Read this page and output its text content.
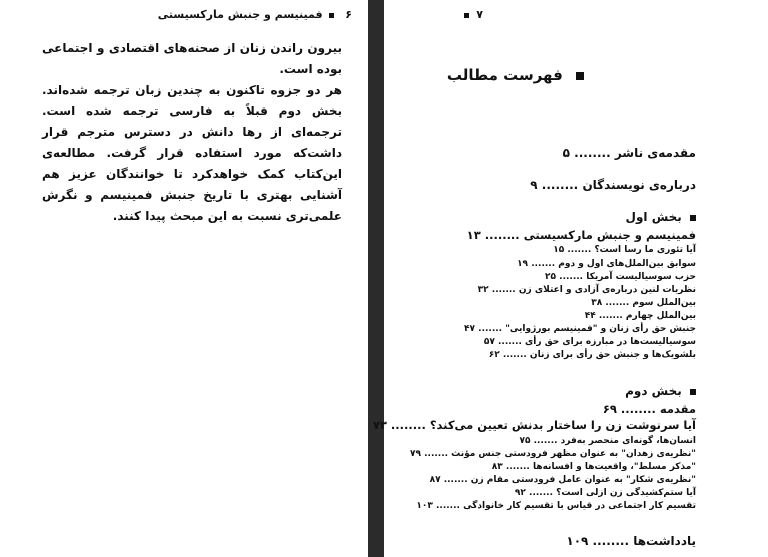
۶  فمینیسم و جنبش مارکسیستی

بیرون راندن زنان از صحنه‌های اقتصادی و اجتماعی بوده است.

هر دو جزوه تاکنون به چندین زبان ترجمه شده‌اند. بخش دوم قبلاً به فارسی ترجمه شده است. ترجمه‌ای از رها دانش در دسترس مترجم قرار داشت‌که مورد استفاده قرار گرفت. مطالعه‌ی این‌کتاب کمک خواهدکرد تا خوانندگان عزیز هم آشنایی بهتری با تاریخ جنبش فمینیسم و نگرش علمی‌تری نسبت به این مبحث پیدا کنند.

۷
فهرست مطالب
مقدمه‌ی ناشر ........ ۵
درباره‌ی نویسندگان ........ ۹
بخش اول
فمینیسم و جنبش مارکسیستی ........ ۱۳
آیا تئوری ما رسا است؟ ....... ۱۵
سوابق بین‌الملل‌های اول و دوم ....... ۱۹
حزب سوسیالیست آمریکا ....... ۲۵
نظریات لنین درباره‌ی آزادی و اعتلای زن ....... ۳۲
بین‌الملل سوم ....... ۳۸
بین‌الملل چهارم ....... ۴۴
جنبش حق رأی زنان و "فمینیسم بورژوایی" ....... ۴۷
سوسیالیست‌ها در مبارزه برای حق رأی ....... ۵۷
بلشویک‌ها و جنبش حق رأی برای زنان ....... ۶۲
بخش دوم
مقدمه ........ ۶۹
آیا سرنوشت زن را ساختار بدنش تعیین می‌کند؟ ........ ۷۳
انسان‌ها، گونه‌ای منحصر به‌فرد ....... ۷۵
"نظریه‌ی زهدان" به عنوان مظهر فرودستی جنس مؤنث ....... ۷۹
"مذکر مسلط"، واقعیت‌ها و افسانه‌ها ....... ۸۳
"نظریه‌ی شکار" به عنوان عامل فرودستی مقام زن ....... ۸۷
آیا ستم‌کشیدگی زن ازلی است؟ ....... ۹۲
تقسیم کار اجتماعی در قیاس با تقسیم کار خانوادگی ....... ۱۰۳
یادداشت‌ها ........ ۱۰۹
